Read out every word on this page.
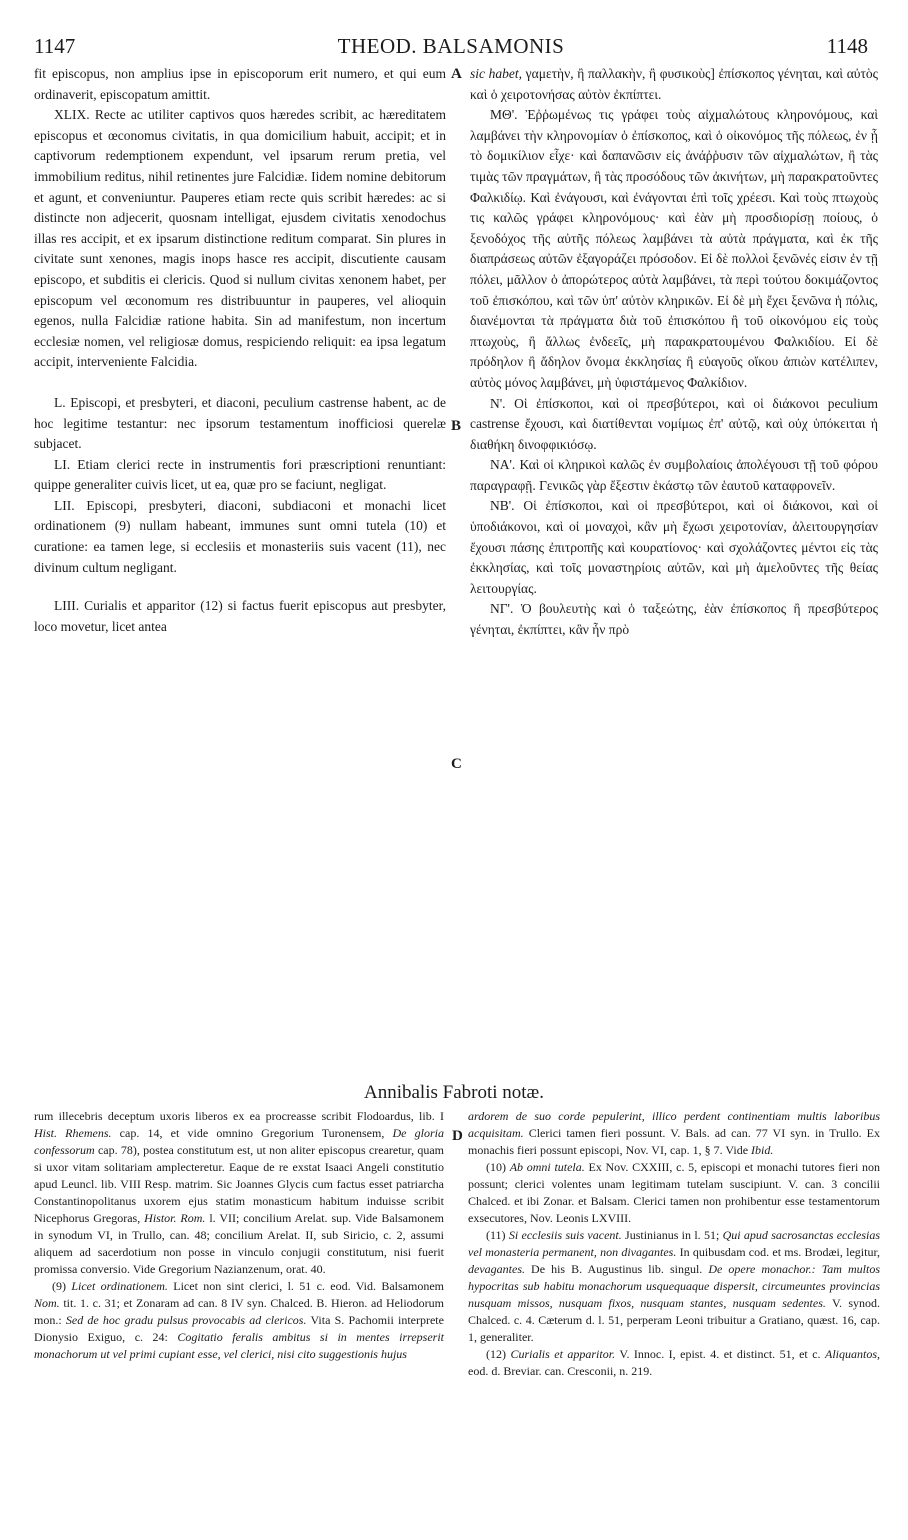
1147	THEOD. BALSAMONIS	1148
A
B
C
D

fit episcopus, non amplius ipse in episcoporum erit numero, et qui eum ordinaverit, episcopatum amittit.

XLIX. Recte ac utiliter captivos quos hæredes scribit, ac hæreditatem episcopus et œconomus civitatis, in qua domicilium habuit, accipit; et in captivorum redemptionem expendunt, vel ipsarum rerum pretia, vel immobilium reditus, nihil retinentes jure Falcidiæ. Iidem nomine debitorum et agunt, et conveniuntur. Pauperes etiam recte quis scribit hæredes: ac si distincte non adjecerit, quosnam intelligat, ejusdem civitatis xenodochus illas res accipit, et ex ipsarum distinctione reditum comparat. Sin plures in civitate sunt xenones, magis inops hasce res accipit, discutiente causam episcopo, et subditis ei clericis. Quod si nullum civitas xenonem habet, per episcopum vel œconomum res distribuuntur in pauperes, vel alioquin egenos, nulla Falcidiæ ratione habita. Sin ad manifestum, non incertum ecclesiæ nomen, vel religiosæ domus, respiciendo reliquit: ea ipsa legatum accipit, interveniente Falcidia.

L. Episcopi, et presbyteri, et diaconi, peculium castrense habent, ac de hoc legitime testantur: nec ipsorum testamentum inofficiosi querelæ subjacet.

LI. Etiam clerici recte in instrumentis fori præscriptioni renuntiant: quippe generaliter cuivis licet, ut ea, quæ pro se faciunt, negligat.

LII. Episcopi, presbyteri, diaconi, subdiaconi et monachi licet ordinationem (9) nullam habeant, immunes sunt omni tutela (10) et curatione: ea tamen lege, si ecclesiis et monasteriis suis vacent (11), nec divinum cultum negligant.

LIII. Curialis et apparitor (12) si factus fuerit episcopus aut presbyter, loco movetur, licet antea

sic habet, γαμετὴν, ἢ παλλακὴν, ἢ φυσικοὺς] ἐπίσκοπος γένηται, καὶ αὐτὸς καὶ ὁ χειροτονήσας αὐτὸν ἐκπίπτει.

ΜΘ'. Ἐῤῥωμένως τις γράφει τοὺς αἰχμαλώτους κληρονόμους, καὶ λαμβάνει τὴν κληρονομίαν ὁ ἐπίσκοπος, καὶ ὁ οἰκονόμος τῆς πόλεως, ἐν ᾗ τὸ δομικίλιον εἶχε· καὶ δαπανῶσιν εἰς ἀνάῤῥυσιν τῶν αἰχμαλώτων, ἢ τὰς τιμὰς τῶν πραγμάτων, ἢ τὰς προσόδους τῶν ἀκινήτων, μὴ παρακρατοῦντες Φαλκιδίῳ. Καὶ ἐνάγουσι, καὶ ἐνάγονται ἐπὶ τοῖς χρέεσι. Καὶ τοὺς πτωχοὺς τις καλῶς γράφει κληρονόμους· καὶ ἐὰν μὴ προσδιορίσῃ ποίους, ὁ ξενοδόχος τῆς αὐτῆς πόλεως λαμβάνει τὰ αὐτὰ πράγματα, καὶ ἐκ τῆς διαπράσεως αὐτῶν ἐξαγοράζει πρόσοδον. Εἰ δὲ πολλοὶ ξενῶνές εἰσιν ἐν τῇ πόλει, μᾶλλον ὁ ἀπορώτερος αὐτὰ λαμβάνει, τὰ περὶ τούτου δοκιμάζοντος τοῦ ἐπισκόπου, καὶ τῶν ὑπ' αὐτὸν κληρικῶν. Εἰ δὲ μὴ ἔχει ξενῶνα ἡ πόλις, διανέμονται τὰ πράγματα διὰ τοῦ ἐπισκόπου ἢ τοῦ οἰκονόμου εἰς τοὺς πτωχοὺς, ἢ ἄλλως ἐνδεεῖς, μὴ παρακρατουμένου Φαλκιδίου. Εἰ δὲ πρόδηλον ἢ ἄδηλον ὄνομα ἐκκλησίας ἢ εὐαγοῦς οἴκου ἀπιὼν κατέλιπεν, αὐτὸς μόνος λαμβάνει, μὴ ὑφιστάμενος Φαλκίδιον.

Ν'. Οἱ ἐπίσκοποι, καὶ οἱ πρεσβύτεροι, καὶ οἱ διάκονοι peculium castrense ἔχουσι, καὶ διατίθενται νομίμως ἐπ' αὐτῷ, καὶ οὐχ ὑπόκειται ἡ διαθήκη δινοφφικιόσῳ.

ΝΑ'. Καὶ οἱ κληρικοὶ καλῶς ἐν συμβολαίοις ἀπολέγουσι τῇ τοῦ φόρου παραγραφῇ. Γενικῶς γὰρ ἔξεστιν ἑκάστῳ τῶν ἑαυτοῦ καταφρονεῖν.

ΝΒ'. Οἱ ἐπίσκοποι, καὶ οἱ πρεσβύτεροι, καὶ οἱ διάκονοι, καὶ οἱ ὑποδιάκονοι, καὶ οἱ μοναχοὶ, κἂν μὴ ἔχωσι χειροτονίαν, ἀλειτουργησίαν ἔχουσι πάσης ἐπιτροπῆς καὶ κουρατίονος· καὶ σχολάζοντες μέντοι εἰς τὰς ἐκκλησίας, καὶ τοῖς μοναστηρίοις αὐτῶν, καὶ μὴ ἀμελοῦντες τῆς θείας λειτουργίας.

ΝΓ'. Ὁ βουλευτὴς καὶ ὁ ταξεώτης, ἐὰν ἐπίσκοπος ἢ πρεσβύτερος γένηται, ἐκπίπτει, κἂν ἦν πρὸ

Annibalis Fabroti notæ.

rum illecebris deceptum uxoris liberos ex ea procreasse scribit Flodoardus, lib. I Hist. Rhemens. cap. 14, et vide omnino Gregorium Turonensem, De gloria confessorum cap. 78), postea constitutum est, ut non aliter episcopus crearetur, quam si uxor vitam solitariam amplecteretur. Eaque de re exstat Isaaci Angeli constitutio apud Leuncl. lib. VIII Resp. matrim. Sic Joannes Glycis cum factus esset patriarcha Constantinopolitanus uxorem ejus statim monasticum habitum induisse scribit Nicephorus Gregoras, Histor. Rom. l. VII; concilium Arelat. sup. Vide Balsamonem in synodum VI, in Trullo, can. 48; concilium Arelat. II, sub Siricio, c. 2, assumi aliquem ad sacerdotium non posse in vinculo conjugii constitutum, nisi fuerit promissa conversio. Vide Gregorium Nazianzenum, orat. 40.

(9) Licet ordinationem. Licet non sint clerici, l. 51 c. eod. Vid. Balsamonem Nom. tit. 1. c. 31; et Zonaram ad can. 8 IV syn. Chalced. B. Hieron. ad Heliodorum mon.: Sed de hoc gradu pulsus provocabis ad clericos. Vita S. Pachomii interprete Dionysio Exiguo, c. 24: Cogitatio feralis ambitus si in mentes irrepserit monachorum ut vel primi cupiant esse, vel clerici, nisi cito suggestionis hujus

ardorem de suo corde pepulerint, illico perdent continentiam multis laboribus acquisitam. Clerici tamen fieri possunt. V. Bals. ad can. 77 VI syn. in Trullo. Ex monachis fieri possunt episcopi, Nov. VI, cap. 1, § 7. Vide Ibid.

(10) Ab omni tutela. Ex Nov. CXXIII, c. 5, episcopi et monachi tutores fieri non possunt; clerici volentes unam legitimam tutelam suscipiunt. V. can. 3 concilii Chalced. et ibi Zonar. et Balsam. Clerici tamen non prohibentur esse testamentorum exsecutores, Nov. Leonis LXVIII.

(11) Si ecclesiis suis vacent. Justinianus in l. 51; Qui apud sacrosanctas ecclesias vel monasteria permanent, non divagantes. In quibusdam cod. et ms. Brodæi, legitur, devagantes. De his B. Augustinus lib. singul. De opere monachor.: Tam multos hypocritas sub habitu monachorum usquequaque dispersit, circumeuntes provincias nusquam missos, nusquam fixos, nusquam stantes, nusquam sedentes. V. synod. Chalced. c. 4. Cæterum d. l. 51, perperam Leoni tribuitur a Gratiano, quæst. 16, cap. 1, generaliter.

(12) Curialis et apparitor. V. Innoc. I, epist. 4. et distinct. 51, et c. Aliquantos, eod. d. Breviar. can. Cresconii, n. 219.
